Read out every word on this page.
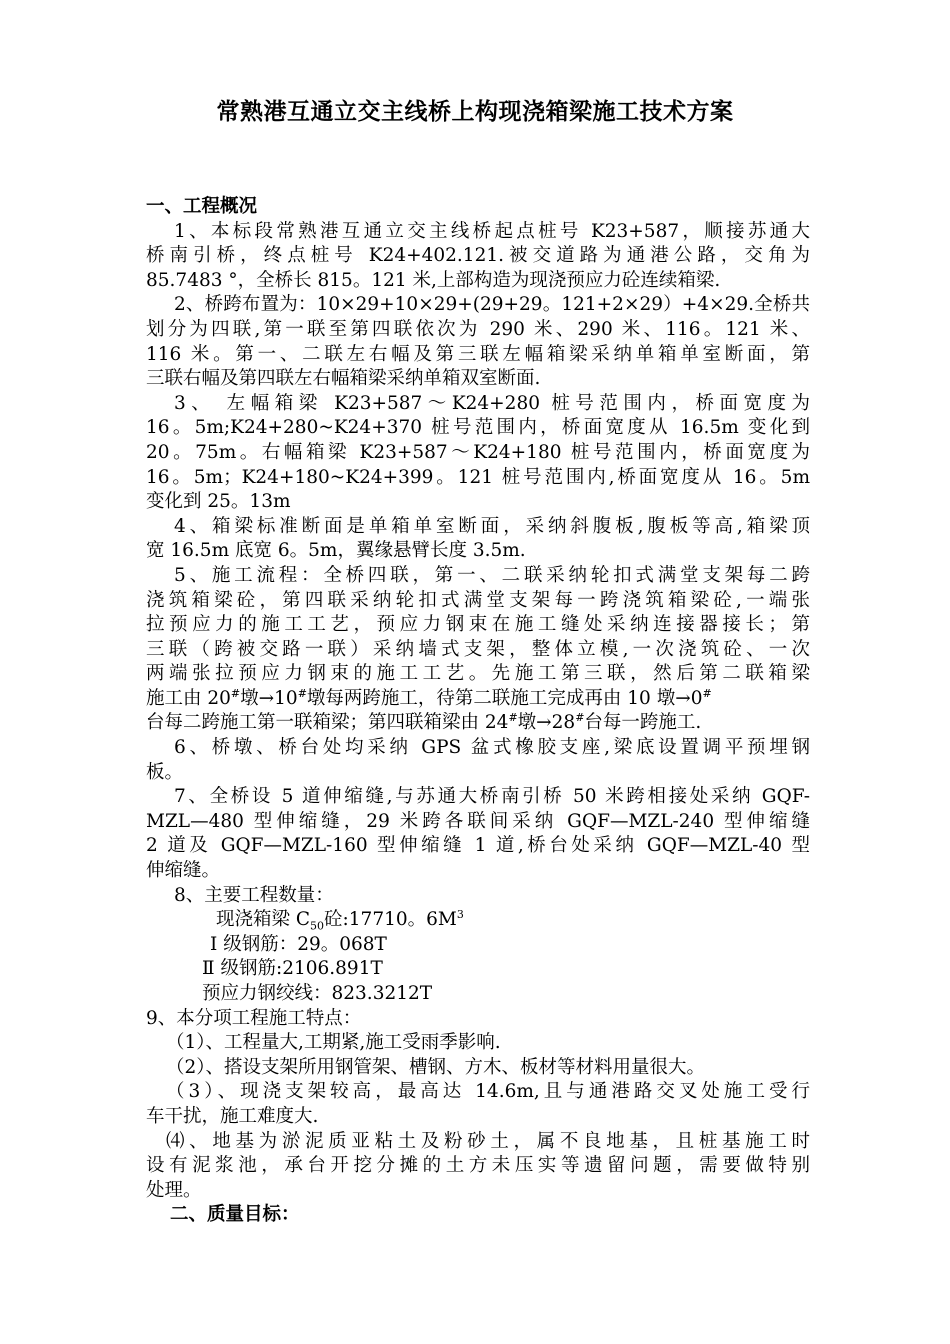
常熟港互通立交主线桥上构现浇箱梁施工技术方案
一、工程概况
1、本标段常熟港互通立交主线桥起点桩号 K23+587，顺接苏通大
桥南引桥，终点桩号 K24+402.121.被交道路为通港公路，交角为
85.7483 °，全桥长 815。121 米,上部构造为现浇预应力砼连续箱梁.
2、桥跨布置为：10×29+10×29+(29+29。121+2×29）+4×29.全桥共
划分为四联,第一联至第四联依次为 290 米、290 米、116。121 米、
116 米。第一、二联左右幅及第三联左幅箱梁采纳单箱单室断面，第
三联右幅及第四联左右幅箱梁采纳单箱双室断面.
3、 左幅箱梁 K23+587～K24+280 桩号范围内，桥面宽度为
16。5m;K24+280~K24+370 桩号范围内，桥面宽度从 16.5m 变化到
20。75m。右幅箱梁 K23+587～K24+180 桩号范围内，桥面宽度为
16。5m；K24+180~K24+399。121 桩号范围内,桥面宽度从 16。5m
变化到 25。13m
4、箱梁标准断面是单箱单室断面，采纳斜腹板,腹板等高,箱梁顶
宽 16.5m 底宽 6。5m，翼缘悬臂长度 3.5m.
5、施工流程：全桥四联，第一、二联采纳轮扣式满堂支架每二跨
浇筑箱梁砼，第四联采纳轮扣式满堂支架每一跨浇筑箱梁砼,一端张
拉预应力的施工工艺，预应力钢束在施工缝处采纳连接器接长；第
三联（跨被交路一联）采纳墙式支架，整体立模,一次浇筑砼、一次
两端张拉预应力钢束的施工工艺。先施工第三联，然后第二联箱梁
施工由 20#墩→10#墩每两跨施工，待第二联施工完成再由 10 墩→0#
台每二跨施工第一联箱梁；第四联箱梁由 24#墩→28#台每一跨施工.
6、桥墩、桥台处均采纳 GPS 盆式橡胶支座,梁底设置调平预埋钢
板。
7、全桥设 5 道伸缩缝,与苏通大桥南引桥 50 米跨相接处采纳 GQF-
MZL—480 型伸缩缝，29 米跨各联间采纳 GQF—MZL-240 型伸缩缝
2 道及 GQF—MZL-160 型伸缩缝 1 道,桥台处采纳 GQF—MZL-40 型
伸缩缝。
8、主要工程数量：
现浇箱梁 $C_{50}$砼:17710。$6M^3$
Ⅰ 级钢筋：29。068T
Ⅱ 级钢筋:2106.891T
预应力钢绞线：823.3212T
9、本分项工程施工特点：
（1）、工程量大,工期紧,施工受雨季影响.
（2）、搭设支架所用钢管架、槽钢、方木、板材等材料用量很大。
（3）、现浇支架较高，最高达 14.6m,且与通港路交叉处施工受行
车干扰，施工难度大.
⑷、地基为淤泥质亚粘土及粉砂土，属不良地基，且桩基施工时
设有泥浆池，承台开挖分摊的土方未压实等遗留问题，需要做特别
处理。
二、质量目标：
